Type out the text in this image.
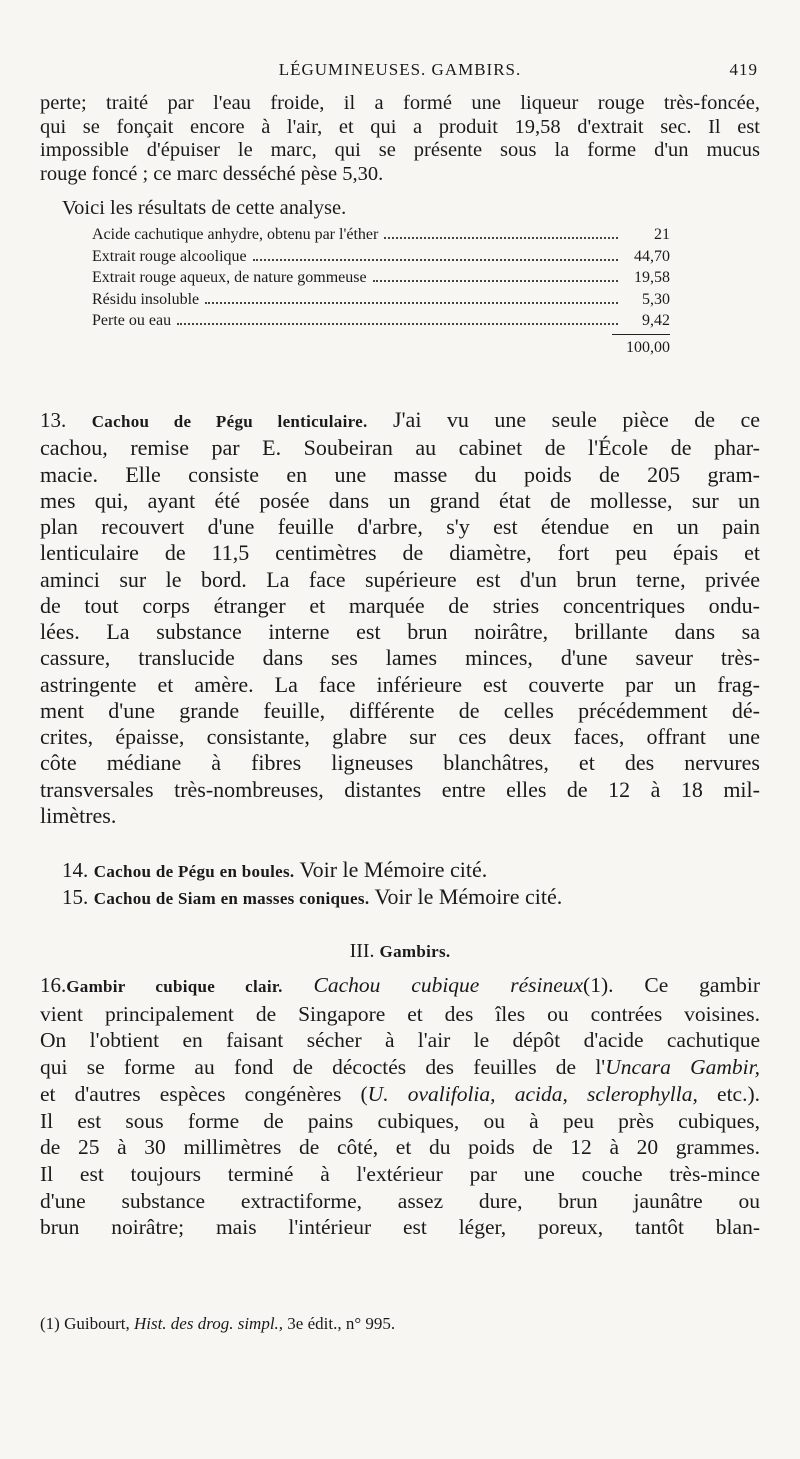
LÉGUMINEUSES. GAMBIRS.	419
perte; traité par l'eau froide, il a formé une liqueur rouge très-foncée,
qui se fonçait encore à l'air, et qui a produit 19,58 d'extrait sec. Il est
impossible d'épuiser le marc, qui se présente sous la forme d'un mucus
rouge foncé ; ce marc desséché pèse 5,30.
Voici les résultats de cette analyse.
Acide cachutique anhydre, obtenu par l'éther	21
Extrait rouge alcoolique	44,70
Extrait rouge aqueux, de nature gommeuse	19,58
Résidu insoluble	5,30
Perte ou eau	9,42
100,00
13. Cachou de Pégu lenticulaire. J'ai vu une seule pièce de ce
cachou, remise par E. Soubeiran au cabinet de l'École de phar-
macie. Elle consiste en une masse du poids de 205 gram-
mes qui, ayant été posée dans un grand état de mollesse, sur un
plan recouvert d'une feuille d'arbre, s'y est étendue en un pain
lenticulaire de 11,5 centimètres de diamètre, fort peu épais et
aminci sur le bord. La face supérieure est d'un brun terne, privée
de tout corps étranger et marquée de stries concentriques ondu-
lées. La substance interne est brun noirâtre, brillante dans sa
cassure, translucide dans ses lames minces, d'une saveur très-
astringente et amère. La face inférieure est couverte par un frag-
ment d'une grande feuille, différente de celles précédemment dé-
crites, épaisse, consistante, glabre sur ces deux faces, offrant une
côte médiane à fibres ligneuses blanchâtres, et des nervures
transversales très-nombreuses, distantes entre elles de 12 à 18 mil-
limètres.
14. Cachou de Pégu en boules. Voir le Mémoire cité.
15. Cachou de Siam en masses coniques. Voir le Mémoire cité.
III. Gambirs.
16.Gambir cubique clair. Cachou cubique résineux(1). Ce gambir
vient principalement de Singapore et des îles ou contrées voisines.
On l'obtient en faisant sécher à l'air le dépôt d'acide cachutique
qui se forme au fond de décoctés des feuilles de l'Uncara Gambir,
et d'autres espèces congénères (U. ovalifolia, acida, sclerophylla, etc.).
Il est sous forme de pains cubiques, ou à peu près cubiques,
de 25 à 30 millimètres de côté, et du poids de 12 à 20 grammes.
Il est toujours terminé à l'extérieur par une couche très-mince
d'une substance extractiforme, assez dure, brun jaunâtre ou
brun noirâtre; mais l'intérieur est léger, poreux, tantôt blan-
(1) Guibourt, Hist. des drog. simpl., 3e édit., n° 995.
